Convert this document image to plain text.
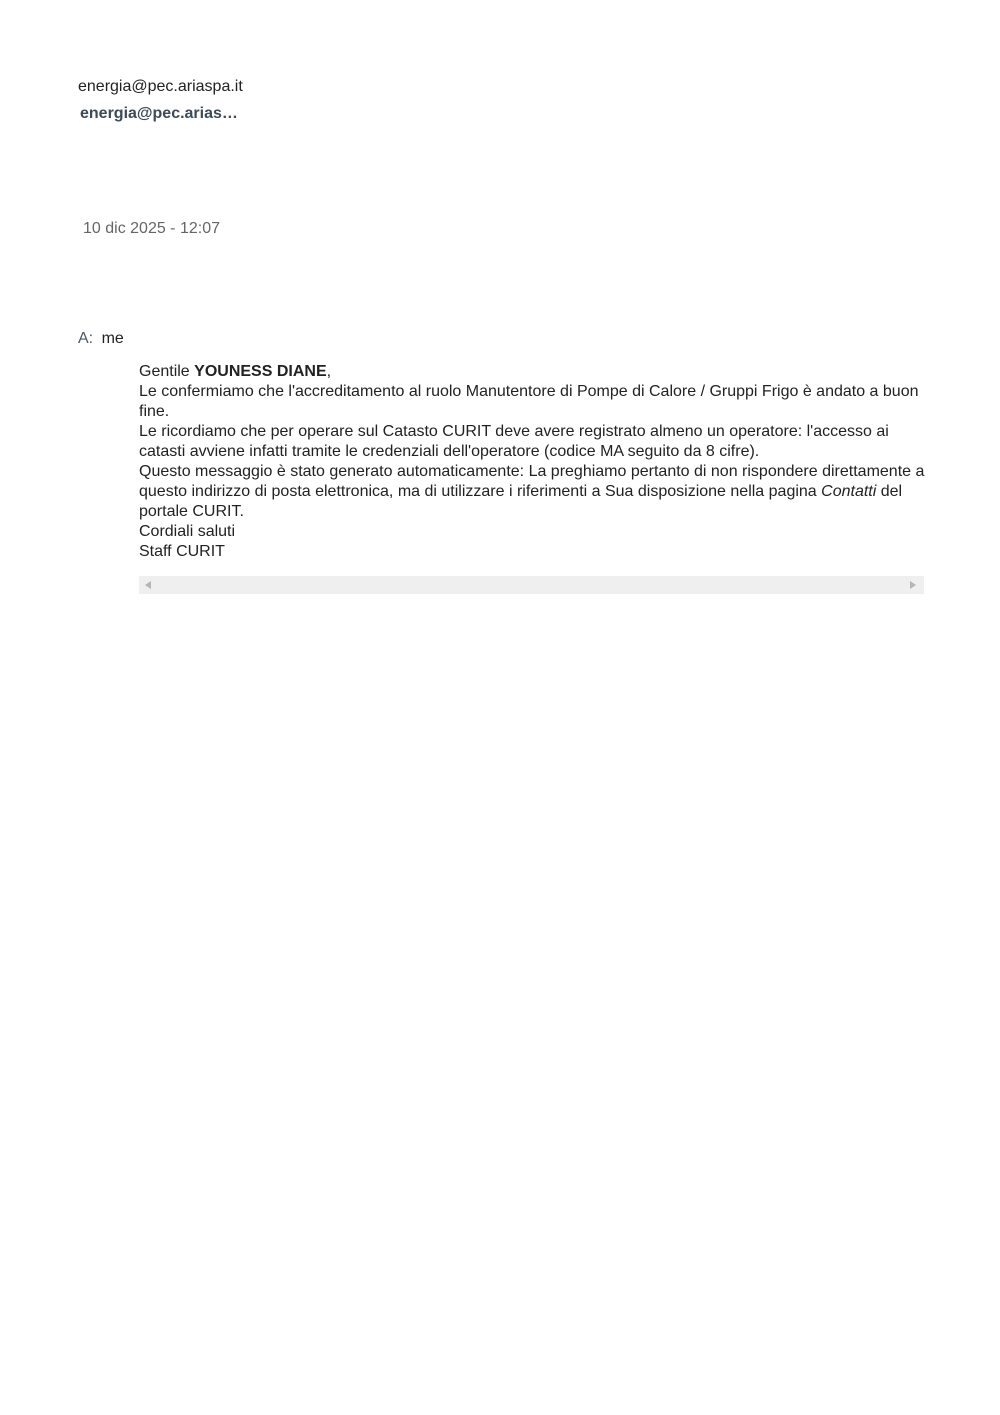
energia@pec.ariaspa.it
energia@pec.arias…
10 dic 2025 - 12:07
A: me

Gentile YOUNESS DIANE,

Le confermiamo che l'accreditamento al ruolo Manutentore di Pompe di Calore / Gruppi Frigo è andato a buon fine.

Le ricordiamo che per operare sul Catasto CURIT deve avere registrato almeno un operatore: l'accesso ai catasti avviene infatti tramite le credenziali dell'operatore (codice MA seguito da 8 cifre).

Questo messaggio è stato generato automaticamente: La preghiamo pertanto di non rispondere direttamente a questo indirizzo di posta elettronica, ma di utilizzare i riferimenti a Sua disposizione nella pagina Contatti del portale CURIT.

Cordiali saluti

Staff CURIT
